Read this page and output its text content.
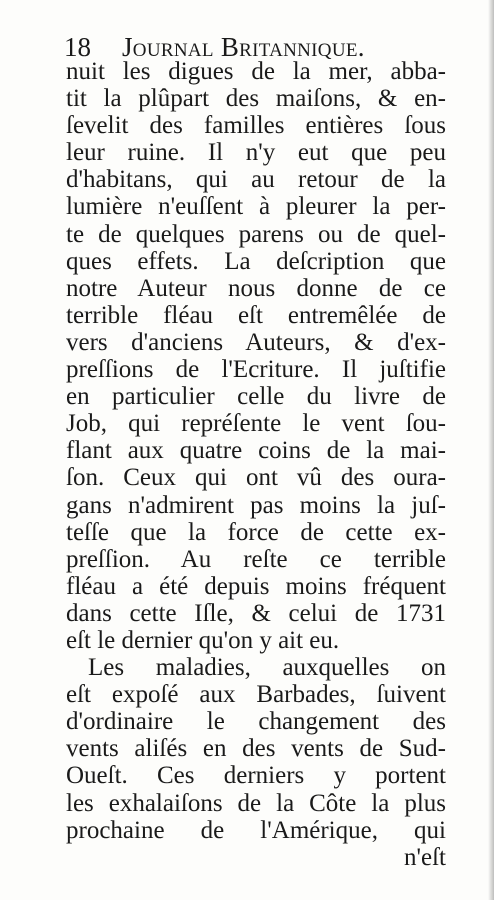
18 Journal Britannique.
nuit les digues de la mer, abba-
tit la plûpart des maiſons, & en-
ſevelit des familles entières ſous
leur ruine. Il n'y eut que peu
d'habitans, qui au retour de la
lumière n'euſſent à pleurer la per-
te de quelques parens ou de quel-
ques effets. La deſcription que
notre Auteur nous donne de ce
terrible fléau eſt entremêlée de
vers d'anciens Auteurs, & d'ex-
preſſions de l'Ecriture. Il juſtifie
en particulier celle du livre de
Job, qui repréſente le vent ſou-
flant aux quatre coins de la mai-
ſon. Ceux qui ont vû des oura-
gans n'admirent pas moins la juſ-
teſſe que la force de cette ex-
preſſion. Au reſte ce terrible
fléau a été depuis moins fréquent
dans cette Iſle, & celui de 1731
eſt le dernier qu'on y ait eu.
Les maladies, auxquelles on
eſt expoſé aux Barbades, ſuivent
d'ordinaire le changement des
vents aliſés en des vents de Sud-
Oueſt. Ces derniers y portent
les exhalaiſons de la Côte la plus
prochaine de l'Amérique, qui
n'eſt
